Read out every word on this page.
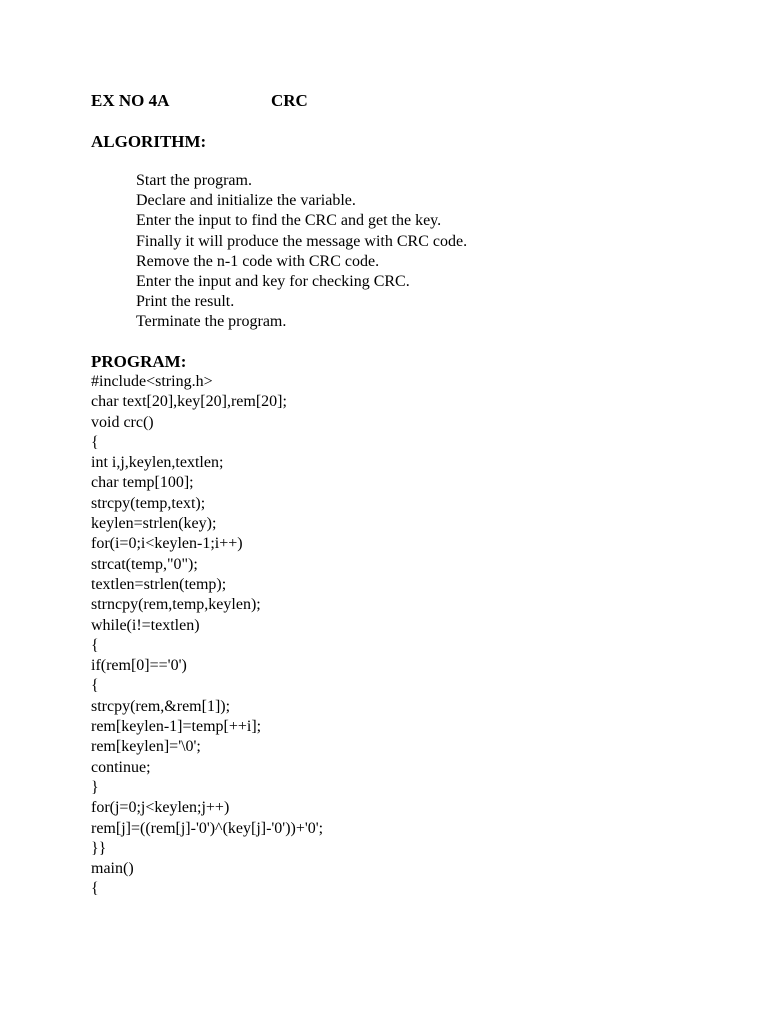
EX NO 4A	CRC
ALGORITHM:
Start the program.
Declare and initialize the variable.
Enter the input to find the CRC and get the key.
Finally it will produce the message with CRC code.
Remove the n-1 code with CRC code.
Enter the input and key for checking CRC.
Print the result.
Terminate the program.
PROGRAM:
#include<string.h>
char text[20],key[20],rem[20];
void crc()
{
int i,j,keylen,textlen;
char temp[100];
strcpy(temp,text);
keylen=strlen(key);
for(i=0;i<keylen-1;i++)
strcat(temp,"0");
textlen=strlen(temp);
strncpy(rem,temp,keylen);
while(i!=textlen)
{
if(rem[0]=='0')
{
strcpy(rem,&rem[1]);
rem[keylen-1]=temp[++i];
rem[keylen]='\0';
continue;
}
for(j=0;j<keylen;j++)
rem[j]=((rem[j]-'0')^(key[j]-'0'))+'0';
}}
main()
{
